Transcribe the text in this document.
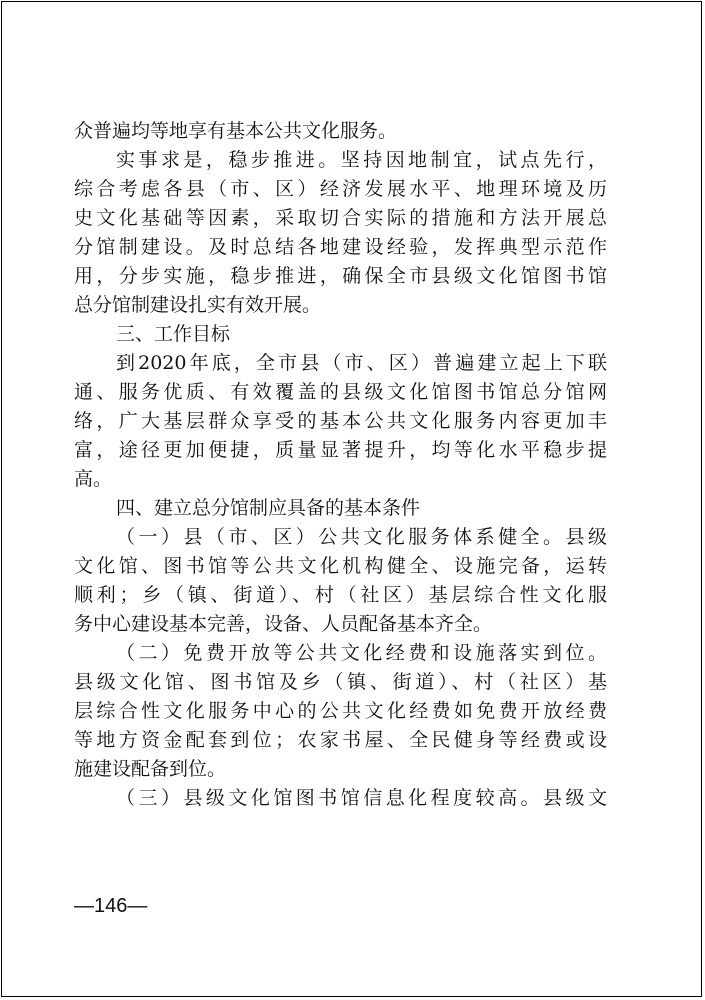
众普遍均等地享有基本公共文化服务。
实事求是，稳步推进。坚持因地制宜，试点先行，
综合考虑各县（市、区）经济发展水平、地理环境及历
史文化基础等因素，采取切合实际的措施和方法开展总
分馆制建设。及时总结各地建设经验，发挥典型示范作
用，分步实施，稳步推进，确保全市县级文化馆图书馆
总分馆制建设扎实有效开展。
三、工作目标
到2020年底，全市县（市、区）普遍建立起上下联
通、服务优质、有效覆盖的县级文化馆图书馆总分馆网
络，广大基层群众享受的基本公共文化服务内容更加丰
富，途径更加便捷，质量显著提升，均等化水平稳步提
高。
四、建立总分馆制应具备的基本条件
（一）县（市、区）公共文化服务体系健全。县级
文化馆、图书馆等公共文化机构健全、设施完备，运转
顺利；乡（镇、街道）、村（社区）基层综合性文化服
务中心建设基本完善，设备、人员配备基本齐全。
（二）免费开放等公共文化经费和设施落实到位。
县级文化馆、图书馆及乡（镇、街道）、村（社区）基
层综合性文化服务中心的公共文化经费如免费开放经费
等地方资金配套到位；农家书屋、全民健身等经费或设
施建设配备到位。
（三）县级文化馆图书馆信息化程度较高。县级文
—146—
